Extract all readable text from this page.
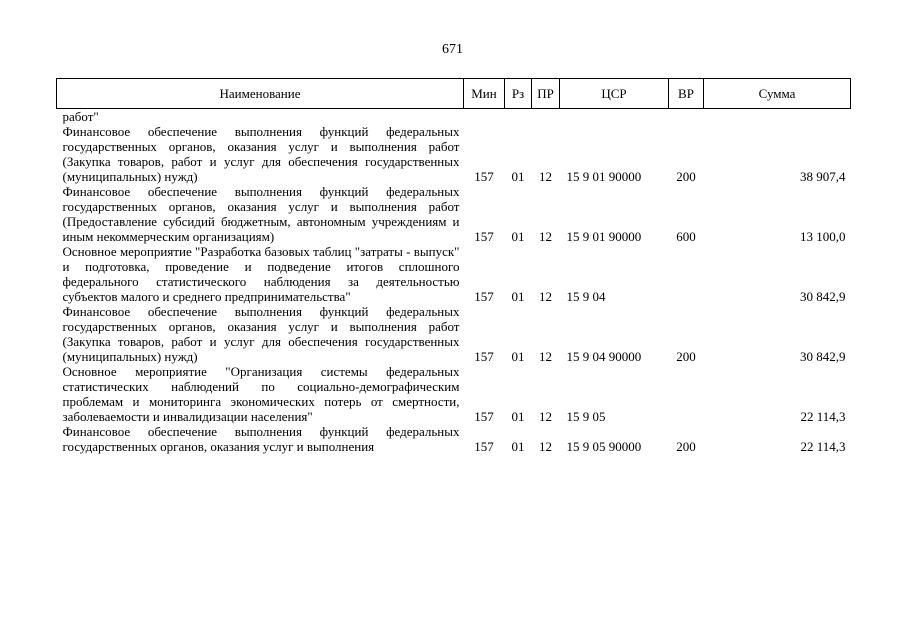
671
Наименование	Мин	Рз	ПР	ЦСР	ВР	Сумма

работ"						

Финансовое обеспечение выполнения функций федеральных государственных органов, оказания услуг и выполнения работ (Закупка товаров, работ и услуг для обеспечения государственных (муниципальных) нужд)	157	01	12	15 9 01 90000	200	38 907,4

Финансовое обеспечение выполнения функций федеральных государственных органов, оказания услуг и выполнения работ (Предоставление субсидий бюджетным, автономным учреждениям и иным некоммерческим организациям)	157	01	12	15 9 01 90000	600	13 100,0

Основное мероприятие "Разработка базовых таблиц "затраты - выпуск" и подготовка, проведение и подведение итогов сплошного федерального статистического наблюдения за деятельностью субъектов малого и среднего предпринимательства"	157	01	12	15 9 04		30 842,9

Финансовое обеспечение выполнения функций федеральных государственных органов, оказания услуг и выполнения работ (Закупка товаров, работ и услуг для обеспечения государственных (муниципальных) нужд)	157	01	12	15 9 04 90000	200	30 842,9

Основное мероприятие "Организация системы федеральных статистических наблюдений по социально-демографическим проблемам и мониторинга экономических потерь от смертности, заболеваемости и инвалидизации населения"	157	01	12	15 9 05		22 114,3

Финансовое обеспечение выполнения функций федеральных государственных органов, оказания услуг и выполнения	157	01	12	15 9 05 90000	200	22 114,3
